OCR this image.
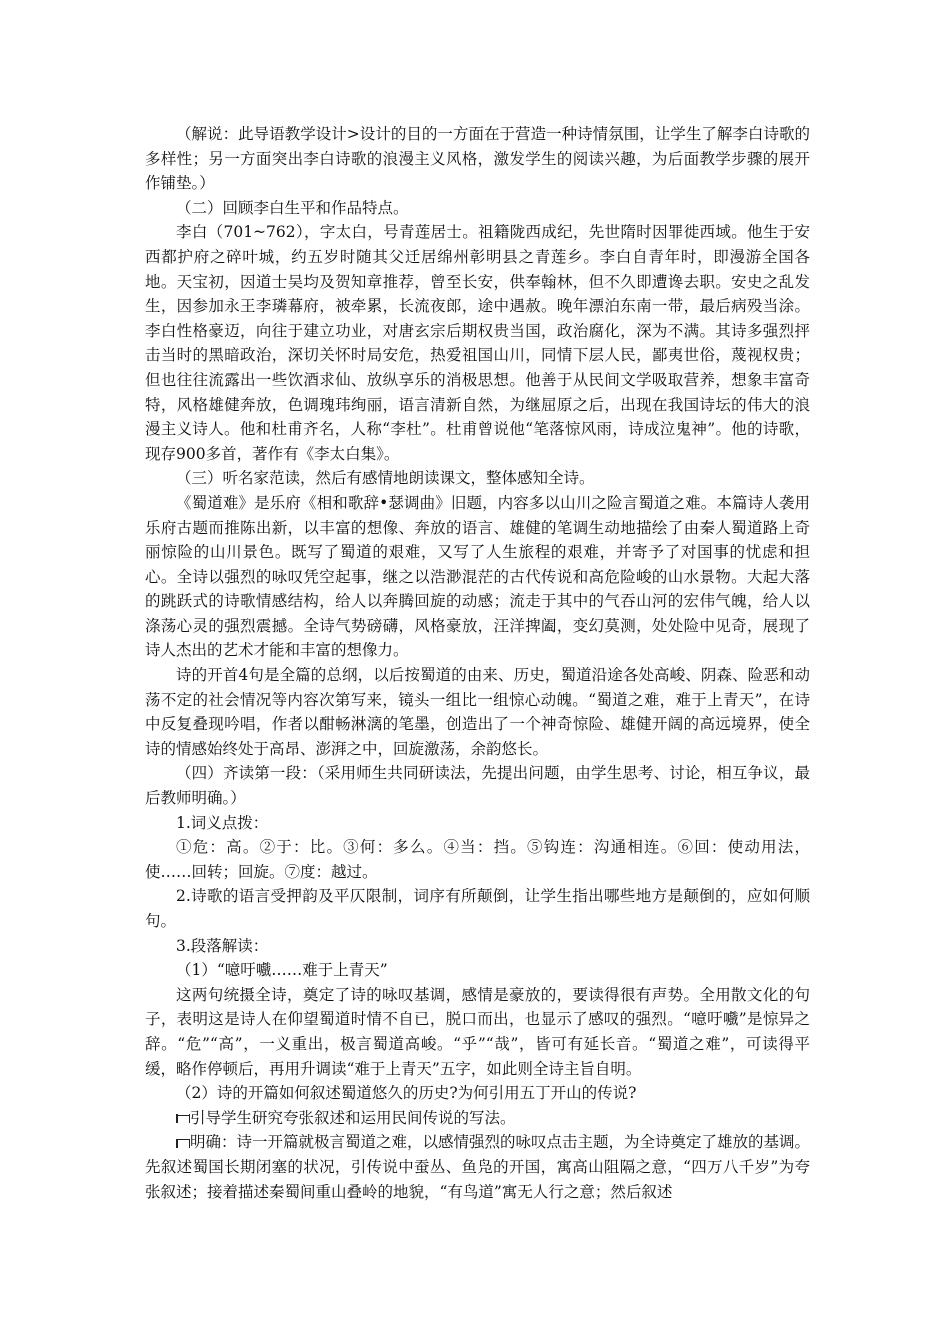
（解说：此导语教学设计>设计的目的一方面在于营造一种诗情氛围，让学生了解李白诗歌的多样性；另一方面突出李白诗歌的浪漫主义风格，激发学生的阅读兴趣，为后面教学步骤的展开作铺垫。）

（二）回顾李白生平和作品特点。

李白（701~762），字太白，号青莲居士。祖籍陇西成纪，先世隋时因罪徙西域。他生于安西都护府之碎叶城，约五岁时随其父迁居绵州彰明县之青莲乡。李白自青年时，即漫游全国各地。天宝初，因道士吴均及贺知章推荐，曾至长安，供奉翰林，但不久即遭谗去职。安史之乱发生，因参加永王李璘幕府，被牵累，长流夜郎，途中遇赦。晚年漂泊东南一带，最后病殁当涂。李白性格豪迈，向往于建立功业，对唐玄宗后期权贵当国，政治腐化，深为不满。其诗多强烈抨击当时的黑暗政治，深切关怀时局安危，热爱祖国山川，同情下层人民，鄙夷世俗，蔑视权贵；但也往往流露出一些饮酒求仙、放纵享乐的消极思想。他善于从民间文学吸取营养，想象丰富奇特，风格雄健奔放，色调瑰玮绚丽，语言清新自然，为继屈原之后，出现在我国诗坛的伟大的浪漫主义诗人。他和杜甫齐名，人称“李杜”。杜甫曾说他“笔落惊风雨，诗成泣鬼神”。他的诗歌，现存900多首，著作有《李太白集》。

（三）听名家范读，然后有感情地朗读课文，整体感知全诗。

《蜀道难》是乐府《相和歌辞•瑟调曲》旧题，内容多以山川之险言蜀道之难。本篇诗人袭用乐府古题而推陈出新，以丰富的想像、奔放的语言、雄健的笔调生动地描绘了由秦人蜀道路上奇丽惊险的山川景色。既写了蜀道的艰难，又写了人生旅程的艰难，并寄予了对国事的忧虑和担心。全诗以强烈的咏叹凭空起事，继之以浩渺混茫的古代传说和高危险峻的山水景物。大起大落的跳跃式的诗歌情感结构，给人以奔腾回旋的动感；流走于其中的气吞山河的宏伟气魄，给人以涤荡心灵的强烈震撼。全诗气势磅礴，风格豪放，汪洋捭阖，变幻莫测，处处险中见奇，展现了诗人杰出的艺术才能和丰富的想像力。

诗的开首4句是全篇的总纲，以后按蜀道的由来、历史，蜀道沿途各处高峻、阴森、险恶和动荡不定的社会情况等内容次第写来，镜头一组比一组惊心动魄。“蜀道之难，难于上青天”，在诗中反复叠现吟唱，作者以酣畅淋漓的笔墨，创造出了一个神奇惊险、雄健开阔的高远境界，使全诗的情感始终处于高昂、澎湃之中，回旋激荡，余韵悠长。

（四）齐读第一段：（采用师生共同研读法，先提出问题，由学生思考、讨论，相互争议，最后教师明确。）

1.词义点拨：

①危：高。②于：比。③何：多么。④当：挡。⑤钩连：沟通相连。⑥回：使动用法，使……回转；回旋。⑦度：越过。

2.诗歌的语言受押韵及平仄限制，词序有所颠倒，让学生指出哪些地方是颠倒的，应如何顺句。

3.段落解读：

（1）“噫吁嚱……难于上青天”

这两句统摄全诗，奠定了诗的咏叹基调，感情是豪放的，要读得很有声势。全用散文化的句子，表明这是诗人在仰望蜀道时情不自已，脱口而出，也显示了感叹的强烈。“噫吁嚱”是惊异之辞。“危”“高”，一义重出，极言蜀道高峻。“乎”“哉”，皆可有延长音。“蜀道之难”，可读得平缓，略作停顿后，再用升调读“难于上青天”五字，如此则全诗主旨自明。

（2）诗的开篇如何叙述蜀道悠久的历史?为何引用五丁开山的传说?

引导学生研究夸张叙述和运用民间传说的写法。

明确：诗一开篇就极言蜀道之难，以感情强烈的咏叹点击主题，为全诗奠定了雄放的基调。先叙述蜀国长期闭塞的状况，引传说中蚕丛、鱼凫的开国，寓高山阻隔之意，“四万八千岁”为夸张叙述；接着描述秦蜀间重山叠岭的地貌，“有鸟道”寓无人行之意；然后叙述
